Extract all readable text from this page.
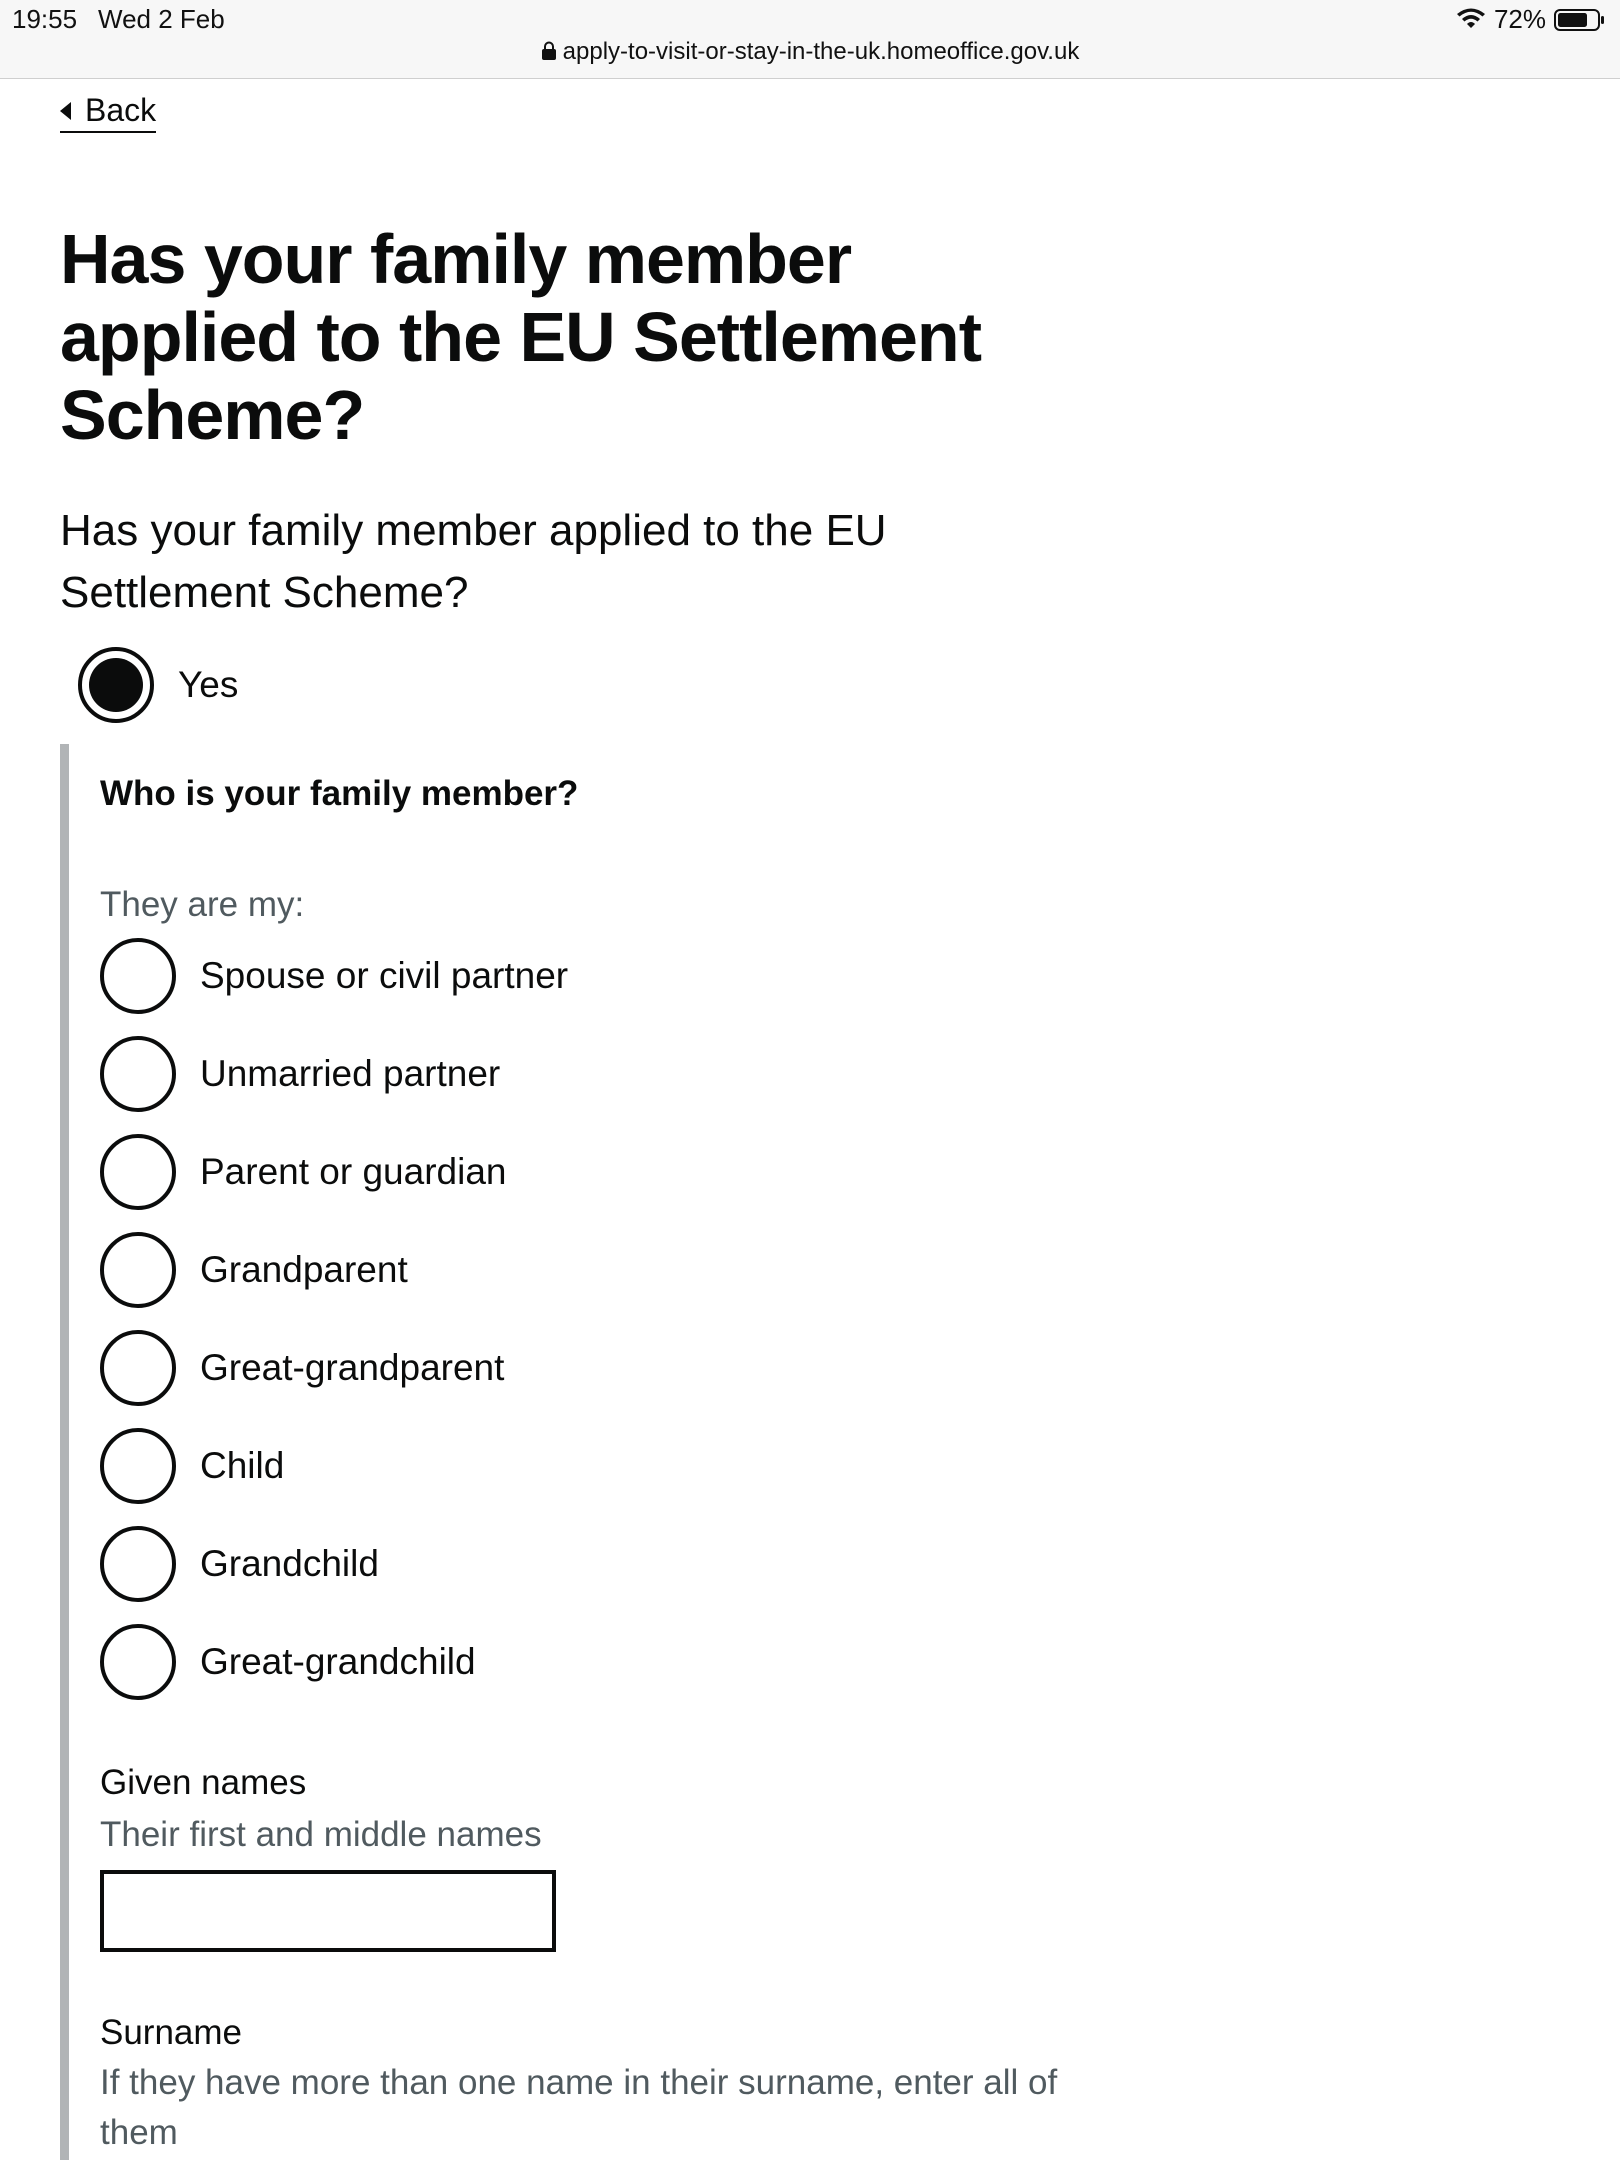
19:55 Wed 2 Feb	72%
apply-to-visit-or-stay-in-the-uk.homeoffice.gov.uk
Back
Has your family member applied to the EU Settlement Scheme?
Has your family member applied to the EU Settlement Scheme?
Yes
Who is your family member?
They are my:
Spouse or civil partner
Unmarried partner
Parent or guardian
Grandparent
Great-grandparent
Child
Grandchild
Great-grandchild
Given names
Their first and middle names
Surname
If they have more than one name in their surname, enter all of them
